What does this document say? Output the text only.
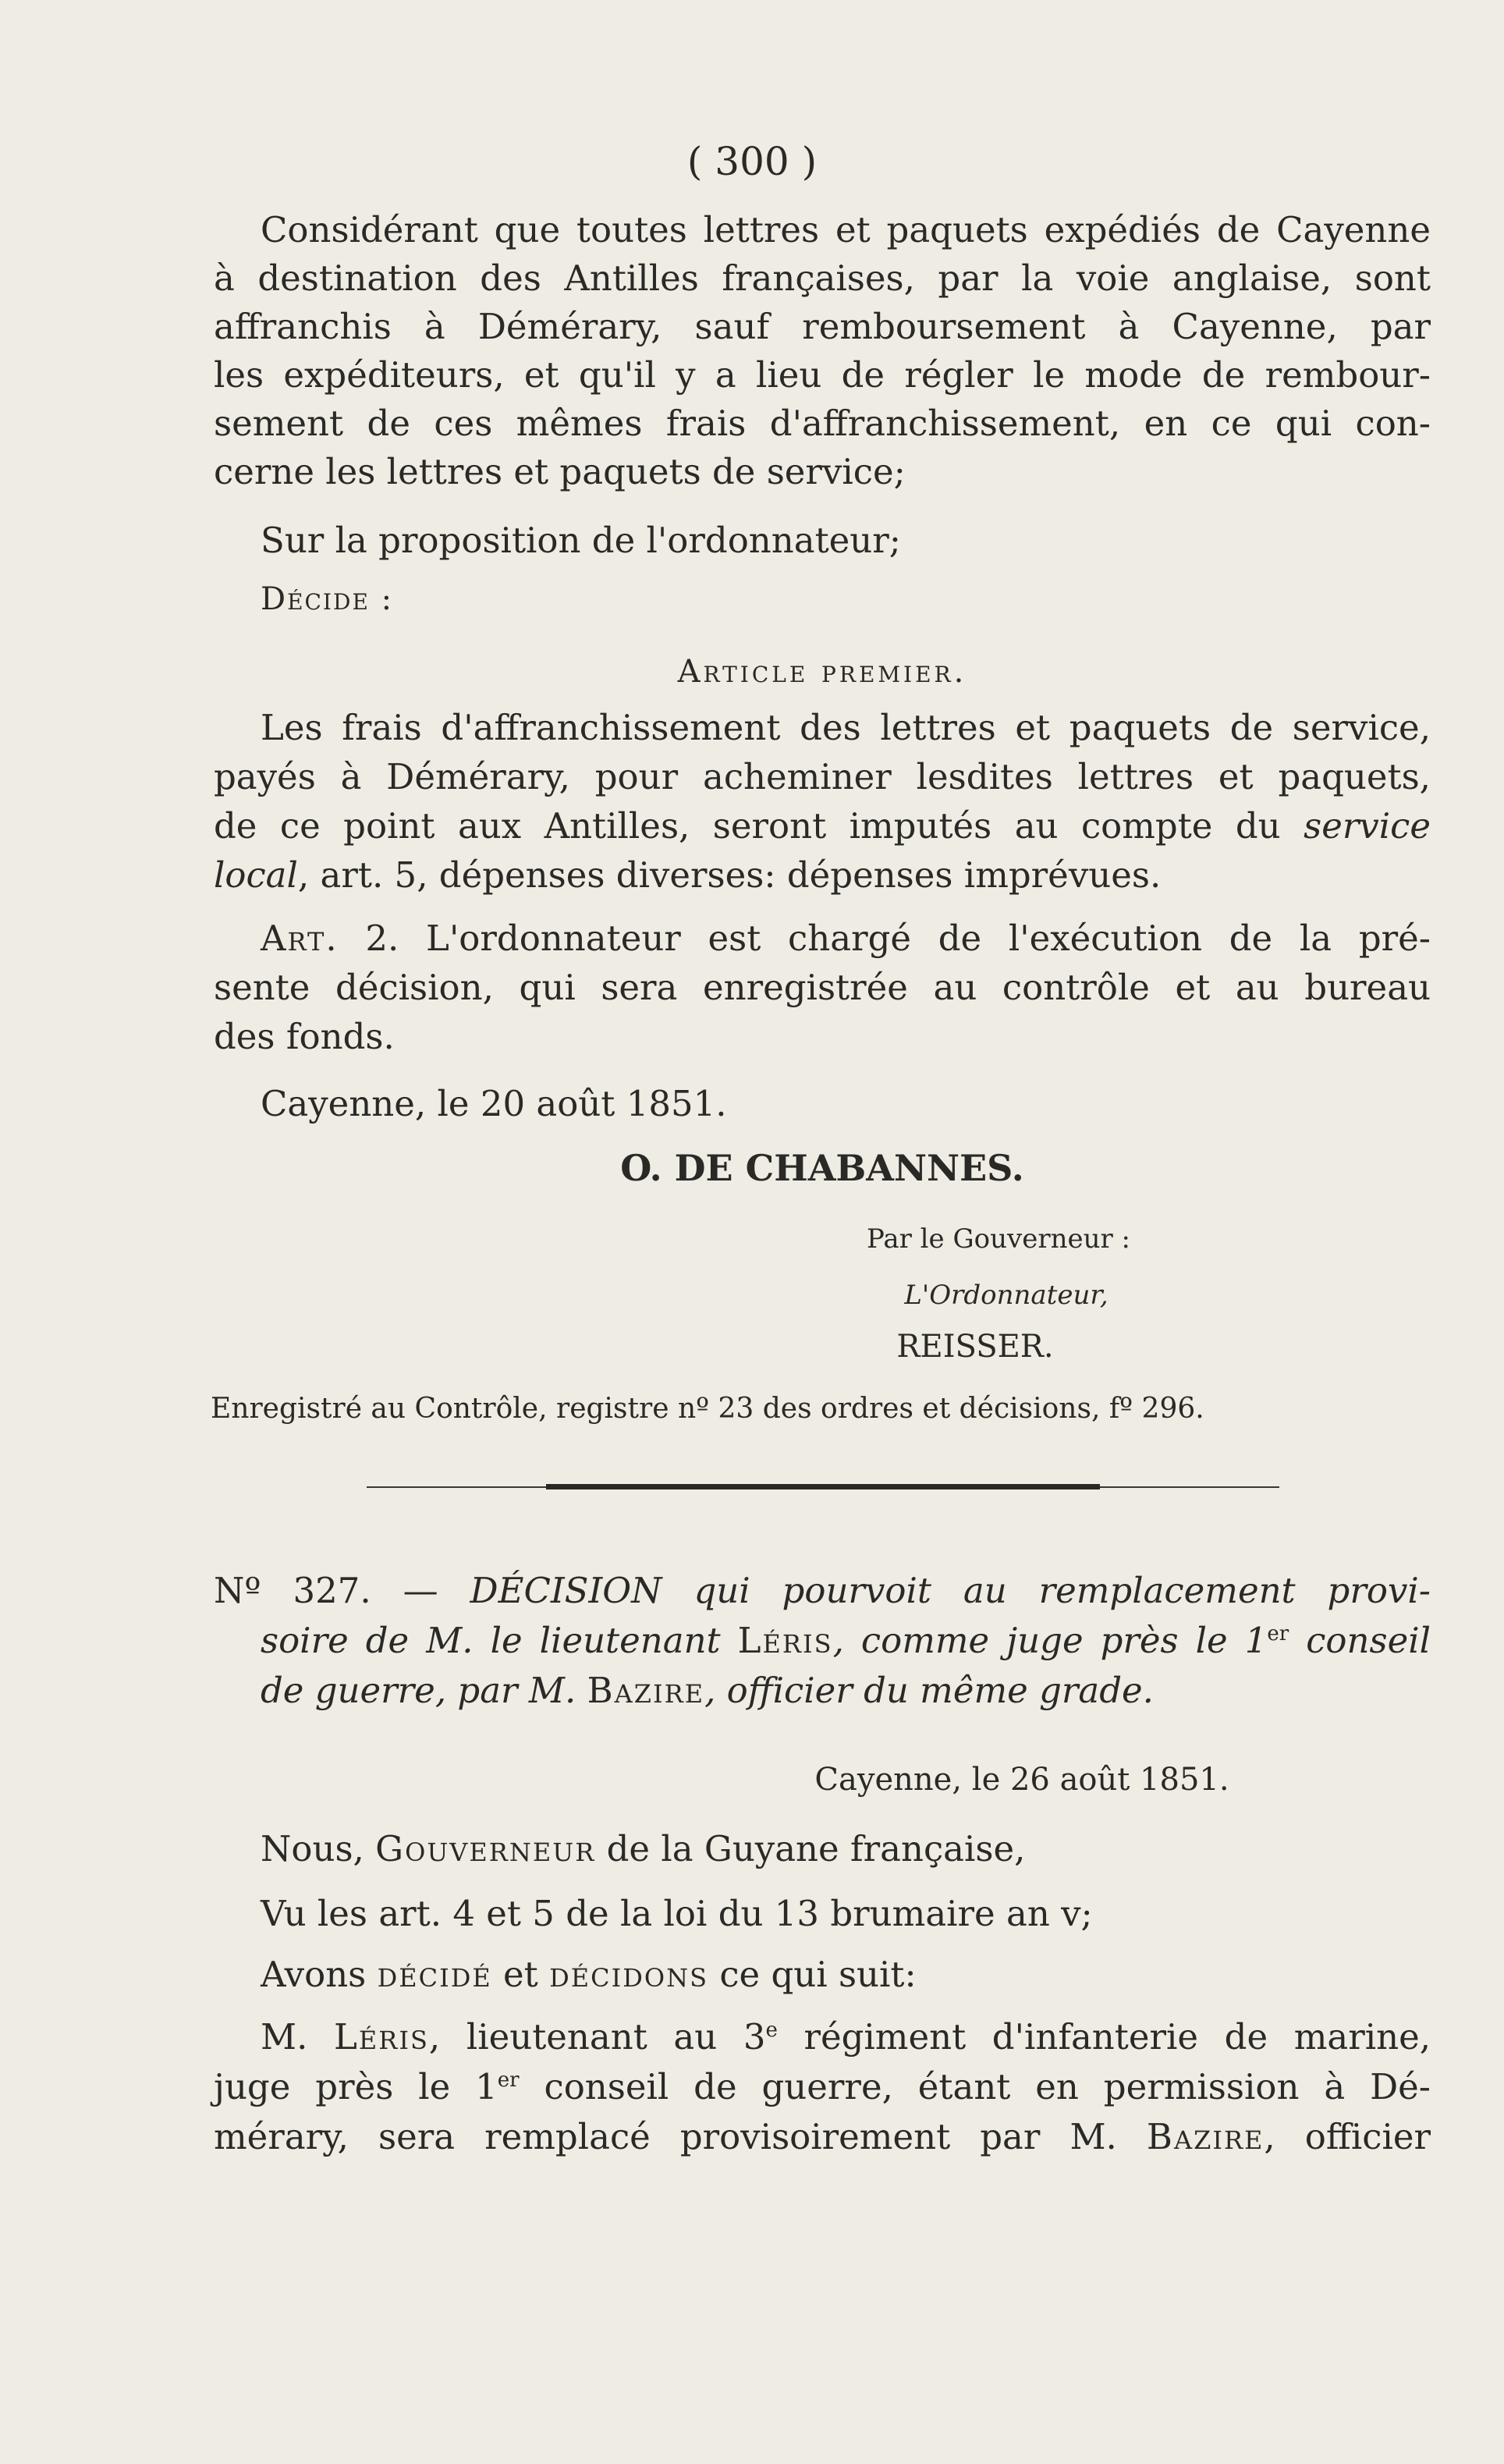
( 300 )
Considérant que toutes lettres et paquets expédiés de Cayenne
à destination des Antilles françaises, par la voie anglaise, sont
affranchis à Démérary, sauf remboursement à Cayenne, par
les expéditeurs, et qu'il y a lieu de régler le mode de rembour-
sement de ces mêmes frais d'affranchissement, en ce qui con-
cerne les lettres et paquets de service;
Sur la proposition de l'ordonnateur;
Décide :
Article premier.
Les frais d'affranchissement des lettres et paquets de service,
payés à Démérary, pour acheminer lesdites lettres et paquets,
de ce point aux Antilles, seront imputés au compte du service
local, art. 5, dépenses diverses: dépenses imprévues.
Art. 2. L'ordonnateur est chargé de l'exécution de la pré-
sente décision, qui sera enregistrée au contrôle et au bureau
des fonds.
Cayenne, le 20 août 1851.
O. DE CHABANNES.
Par le Gouverneur :
L'Ordonnateur,
REISSER.
Enregistré au Contrôle, registre nº 23 des ordres et décisions, fº 296.
Nº 327. — DÉCISION qui pourvoit au remplacement provi-
soire de M. le lieutenant Léris, comme juge près le 1er conseil
de guerre, par M. Bazire, officier du même grade.
Cayenne, le 26 août 1851.
Nous, Gouverneur de la Guyane française,
Vu les art. 4 et 5 de la loi du 13 brumaire an v;
Avons décidé et décidons ce qui suit:
M. Léris, lieutenant au 3e régiment d'infanterie de marine,
juge près le 1er conseil de guerre, étant en permission à Dé-
mérary, sera remplacé provisoirement par M. Bazire, officier
